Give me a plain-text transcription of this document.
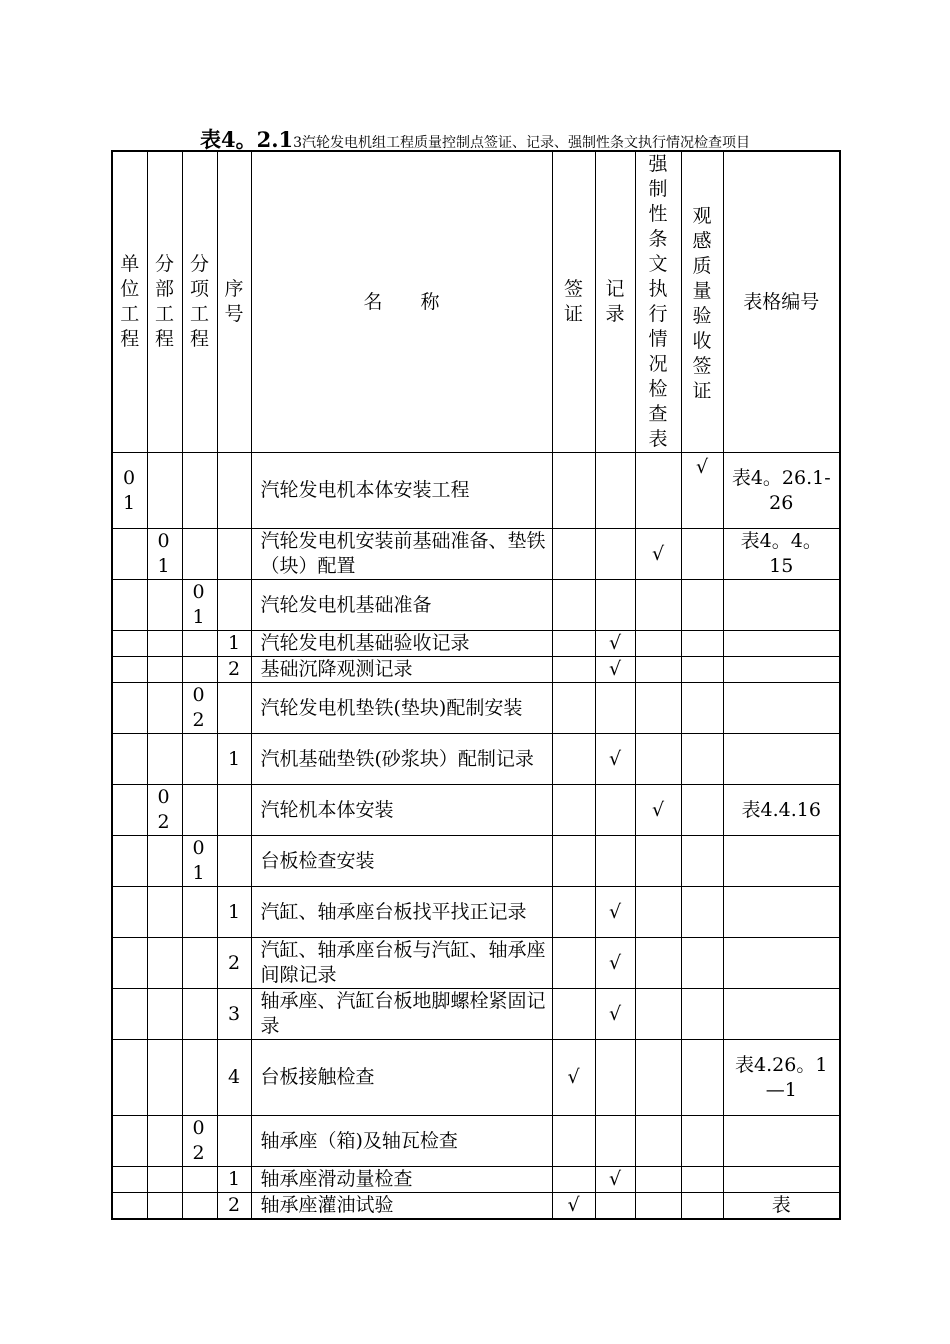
表4。2.13汽轮发电机组工程质量控制点签证、记录、强制性条文执行情况检查项目
单位工程	分部工程	分项工程	序号	名　　称	签证	记录	强制性条文执行情况检查表	观感质量验收签证	表格编号
01				汽轮发电机本体安装工程				√	表4。26.1-26
	01			汽轮发电机安装前基础准备、垫铁（块）配置			√		表4。4。15
		01		汽轮发电机基础准备					
			1	汽轮发电机基础验收记录		√			
			2	基础沉降观测记录		√			
		02		汽轮发电机垫铁(垫块)配制安装					
			1	汽机基础垫铁(砂浆块）配制记录		√			
	02			汽轮机本体安装			√		表4.4.16
		01		台板检查安装					
			1	汽缸、轴承座台板找平找正记录		√			
			2	汽缸、轴承座台板与汽缸、轴承座间隙记录		√			
			3	轴承座、汽缸台板地脚螺栓紧固记录		√			
			4	台板接触检查	√				表4.26。1—1
		02		轴承座（箱)及轴瓦检查					
			1	轴承座滑动量检查		√			
			2	轴承座灌油试验	√				表
